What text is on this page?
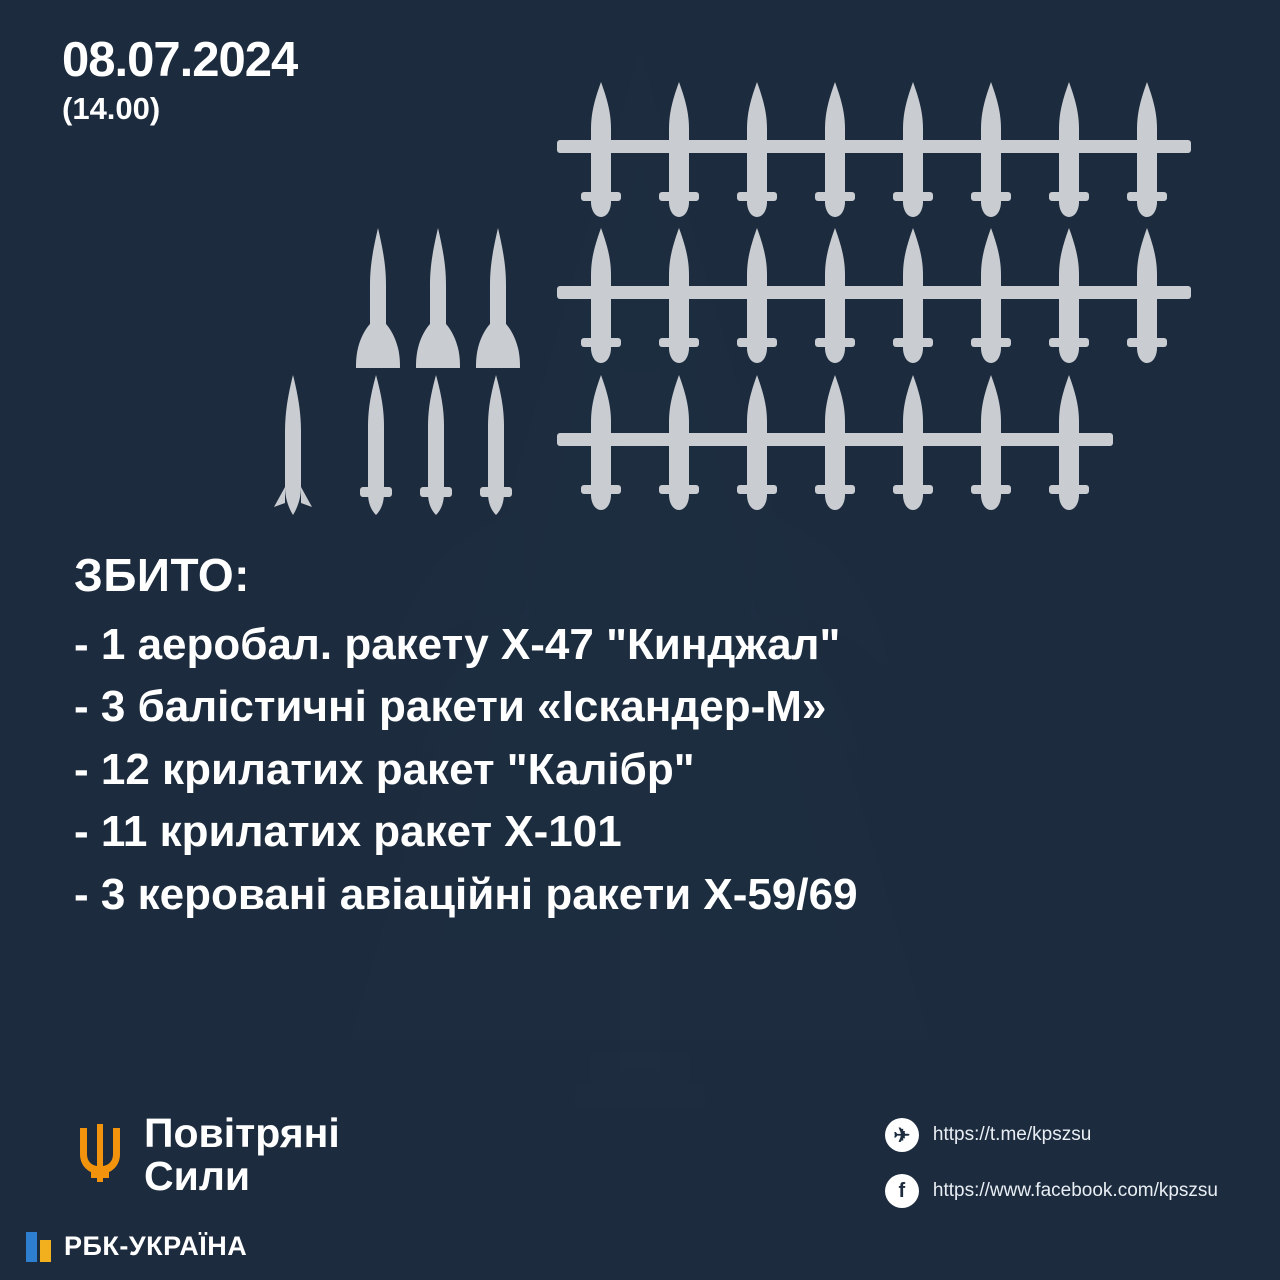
08.07.2024
(14.00)
ЗБИТО:
- 1 аеробал. ракету Х-47 "Кинджал"
- 3 балістичні ракети «Іскандер-М»
- 12 крилатих ракет "Калібр"
- 11 крилатих ракет Х-101
- 3 керовані авіаційні ракети Х-59/69
Повітряні
Сили
✈	https://t.me/kpszsu
f	https://www.facebook.com/kpszsu
РБК-УКРАЇНА
